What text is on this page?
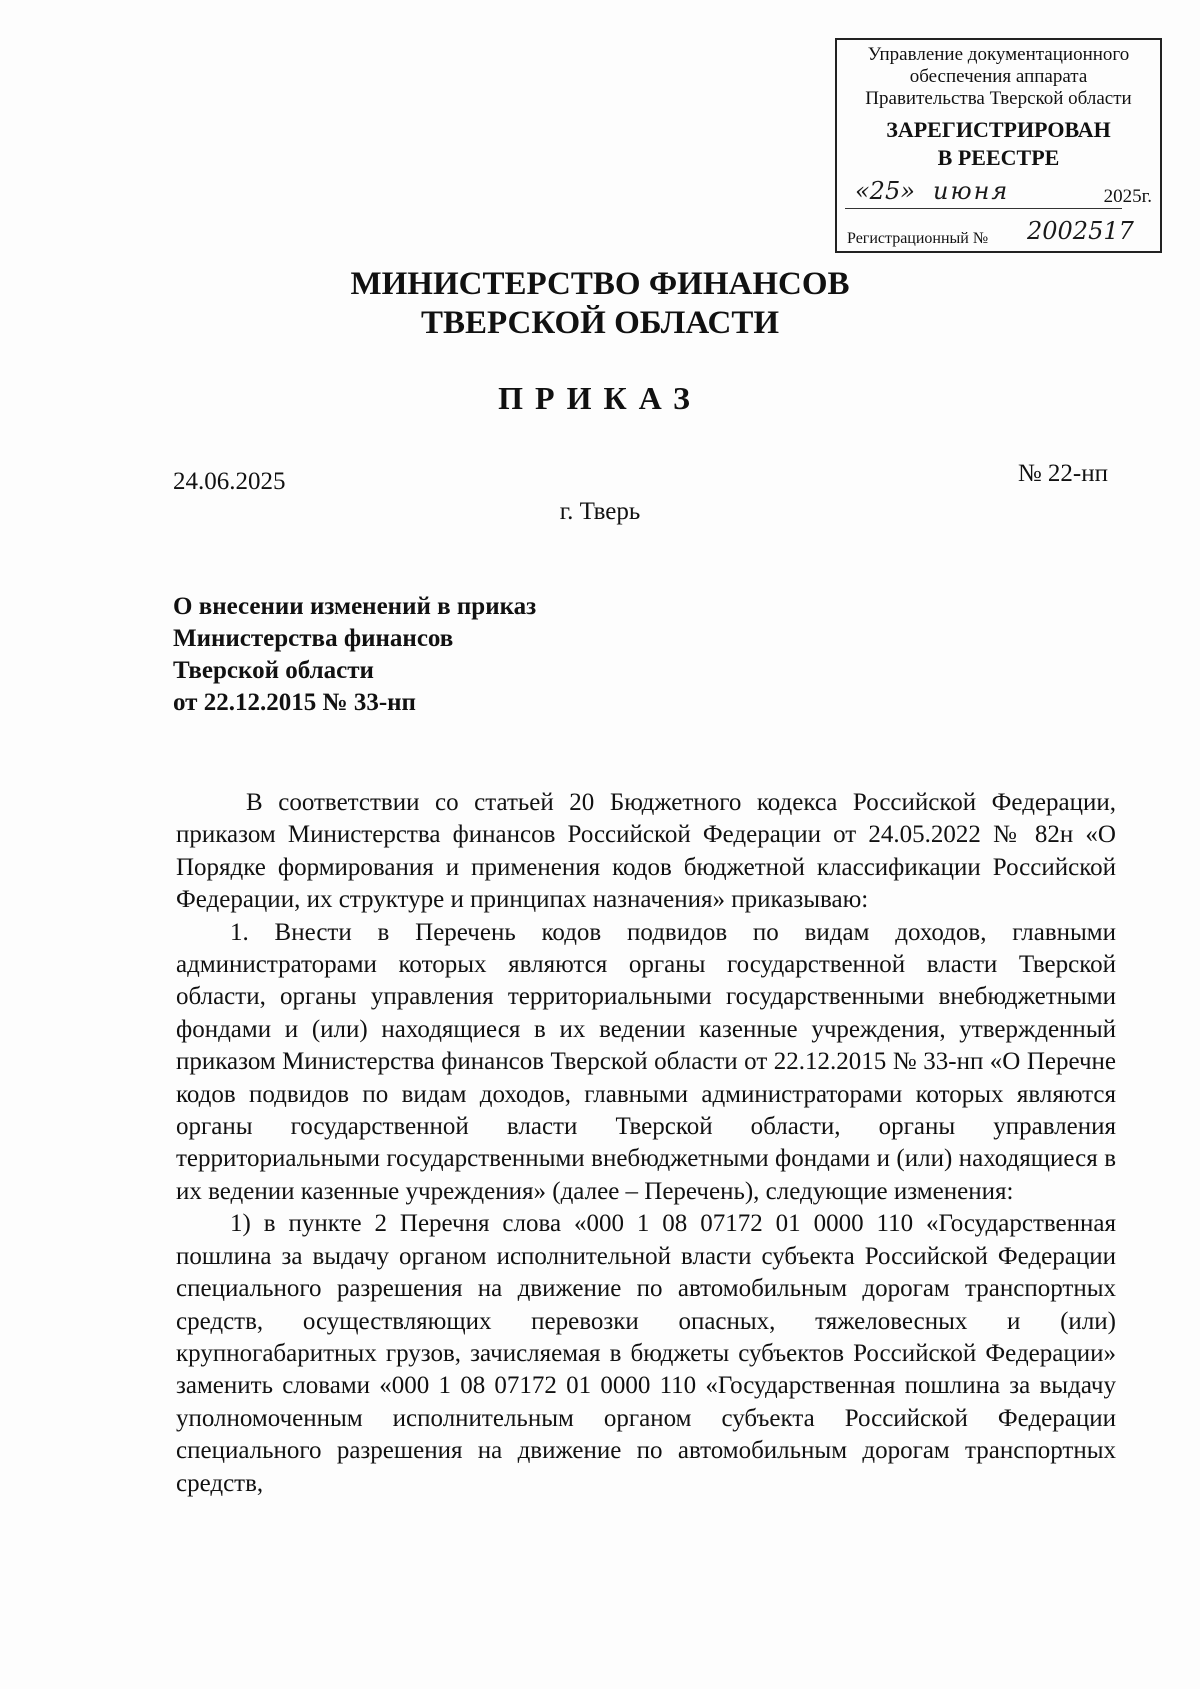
Управление документационного
обеспечения аппарата
Правительства Тверской области
ЗАРЕГИСТРИРОВАН
В РЕЕСТРЕ
«25» июня	2025г.
Регистрационный № 2002517
МИНИСТЕРСТВО ФИНАНСОВ
ТВЕРСКОЙ ОБЛАСТИ
ПРИКАЗ
24.06.2025	№ 22-нп
г. Тверь
О внесении изменений в приказ
Министерства финансов
Тверской области
от 22.12.2015 № 33-нп

В соответствии со статьей 20 Бюджетного кодекса Российской Федерации, приказом Министерства финансов Российской Федерации от 24.05.2022 № 82н «О Порядке формирования и применения кодов бюджетной классификации Российской Федерации, их структуре и принципах назначения» приказываю:

1. Внести в Перечень кодов подвидов по видам доходов, главными администраторами которых являются органы государственной власти Тверской области, органы управления территориальными государственными внебюджетными фондами и (или) находящиеся в их ведении казенные учреждения, утвержденный приказом Министерства финансов Тверской области от 22.12.2015 № 33-нп «О Перечне кодов подвидов по видам доходов, главными администраторами которых являются органы государственной власти Тверской области, органы управления территориальными государственными внебюджетными фондами и (или) находящиеся в их ведении казенные учреждения» (далее – Перечень), следующие изменения:

1) в пункте 2 Перечня слова «000 1 08 07172 01 0000 110 «Государственная пошлина за выдачу органом исполнительной власти субъекта Российской Федерации специального разрешения на движение по автомобильным дорогам транспортных средств, осуществляющих перевозки опасных, тяжеловесных и (или) крупногабаритных грузов, зачисляемая в бюджеты субъектов Российской Федерации» заменить словами «000 1 08 07172 01 0000 110 «Государственная пошлина за выдачу уполномоченным исполнительным органом субъекта Российской Федерации специального разрешения на движение по автомобильным дорогам транспортных средств,
